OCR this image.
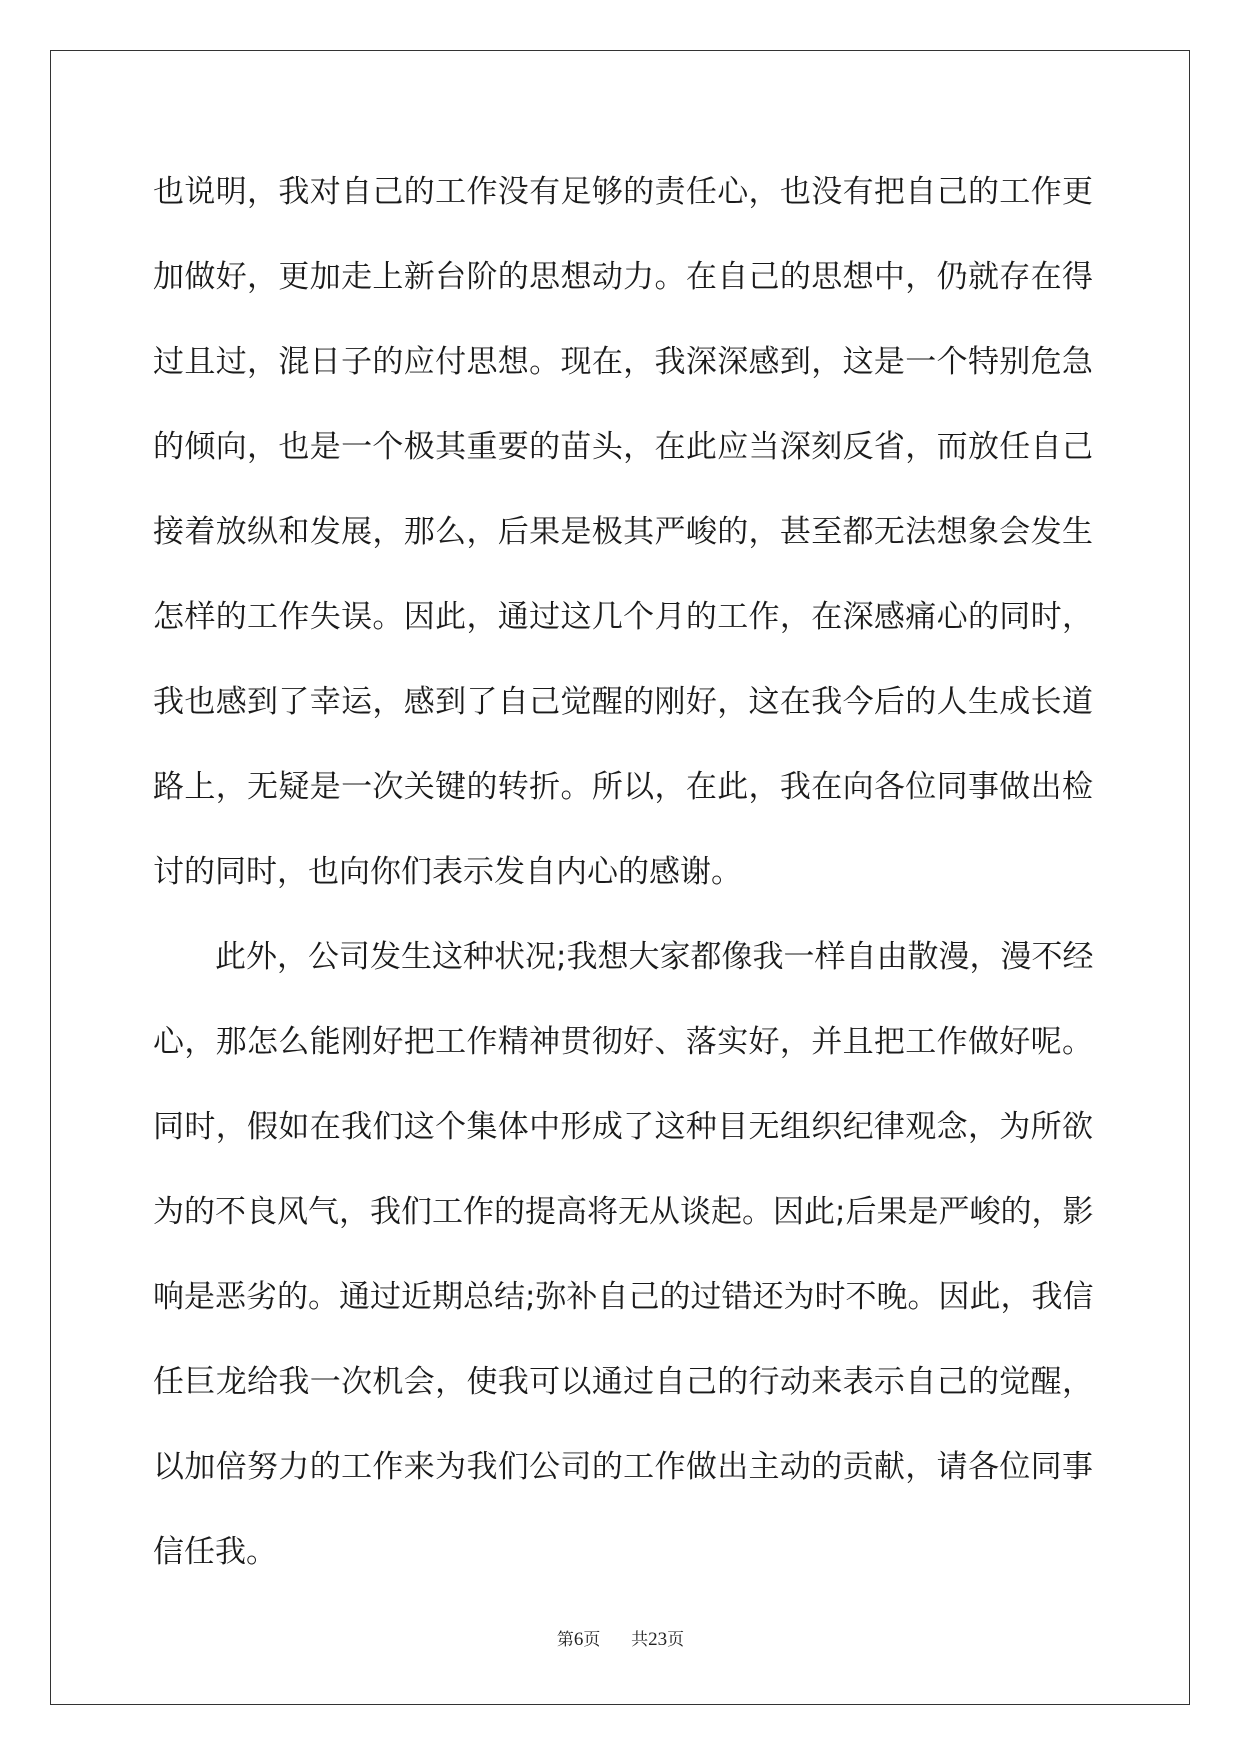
也说明，我对自己的工作没有足够的责任心，也没有把自己的工作更
加做好，更加走上新台阶的思想动力。在自己的思想中，仍就存在得
过且过，混日子的应付思想。现在，我深深感到，这是一个特别危急
的倾向，也是一个极其重要的苗头，在此应当深刻反省，而放任自己
接着放纵和发展，那么，后果是极其严峻的，甚至都无法想象会发生
怎样的工作失误。因此，通过这几个月的工作，在深感痛心的同时，
我也感到了幸运，感到了自己觉醒的刚好，这在我今后的人生成长道
路上，无疑是一次关键的转折。所以，在此，我在向各位同事做出检
讨的同时，也向你们表示发自内心的感谢。
此外，公司发生这种状况;我想大家都像我一样自由散漫，漫不经
心，那怎么能刚好把工作精神贯彻好、落实好，并且把工作做好呢。
同时，假如在我们这个集体中形成了这种目无组织纪律观念，为所欲
为的不良风气，我们工作的提高将无从谈起。因此;后果是严峻的，影
响是恶劣的。通过近期总结;弥补自己的过错还为时不晚。因此，我信
任巨龙给我一次机会，使我可以通过自己的行动来表示自己的觉醒，
以加倍努力的工作来为我们公司的工作做出主动的贡献，请各位同事
信任我。
第6页 共23页
